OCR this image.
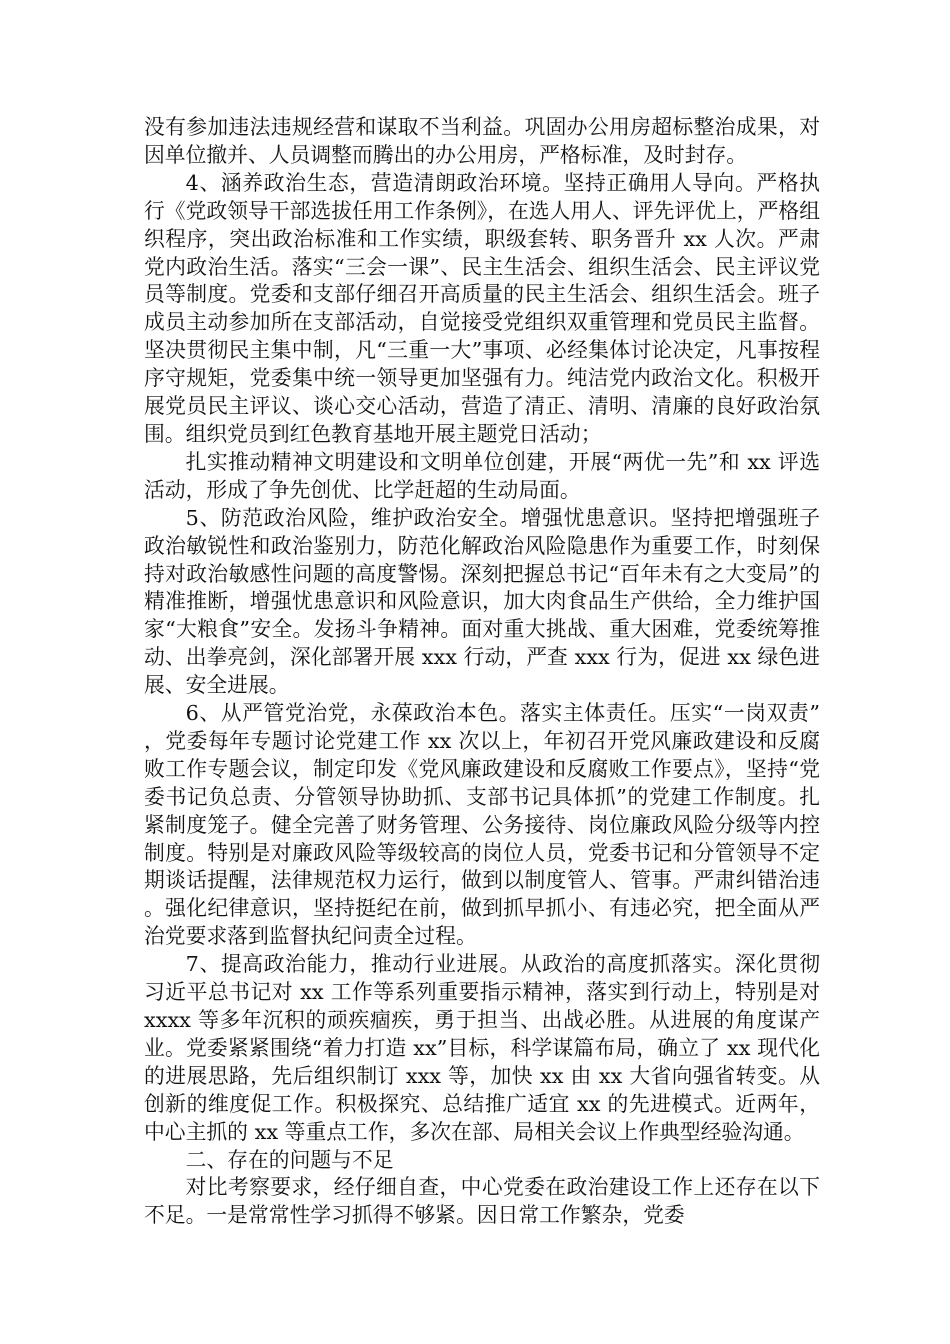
没有参加违法违规经营和谋取不当利益。巩固办公用房超标整治成果，对因单位撤并、人员调整而腾出的办公用房，严格标准，及时封存。

4、涵养政治生态，营造清朗政治环境。坚持正确用人导向。严格执行《党政领导干部选拔任用工作条例》，在选人用人、评先评优上，严格组织程序，突出政治标准和工作实绩，职级套转、职务晋升 xx 人次。严肃党内政治生活。落实“三会一课”、民主生活会、组织生活会、民主评议党员等制度。党委和支部仔细召开高质量的民主生活会、组织生活会。班子成员主动参加所在支部活动，自觉接受党组织双重管理和党员民主监督。坚决贯彻民主集中制，凡“三重一大”事项、必经集体讨论决定，凡事按程序守规矩，党委集中统一领导更加坚强有力。纯洁党内政治文化。积极开展党员民主评议、谈心交心活动，营造了清正、清明、清廉的良好政治氛围。组织党员到红色教育基地开展主题党日活动；

扎实推动精神文明建设和文明单位创建，开展“两优一先”和 xx 评选活动，形成了争先创优、比学赶超的生动局面。

5、防范政治风险，维护政治安全。增强忧患意识。坚持把增强班子政治敏锐性和政治鉴别力，防范化解政治风险隐患作为重要工作，时刻保持对政治敏感性问题的高度警惕。深刻把握总书记“百年未有之大变局”的精准推断，增强忧患意识和风险意识，加大肉食品生产供给，全力维护国家“大粮食”安全。发扬斗争精神。面对重大挑战、重大困难，党委统筹推动、出拳亮剑，深化部署开展 xxx 行动，严查 xxx 行为，促进 xx 绿色进展、安全进展。

6、从严管党治党，永葆政治本色。落实主体责任。压实“一岗双责”，党委每年专题讨论党建工作 xx 次以上，年初召开党风廉政建设和反腐败工作专题会议，制定印发《党风廉政建设和反腐败工作要点》，坚持“党委书记负总责、分管领导协助抓、支部书记具体抓”的党建工作制度。扎紧制度笼子。健全完善了财务管理、公务接待、岗位廉政风险分级等内控制度。特别是对廉政风险等级较高的岗位人员，党委书记和分管领导不定期谈话提醒，法律规范权力运行，做到以制度管人、管事。严肃纠错治违。强化纪律意识，坚持挺纪在前，做到抓早抓小、有违必究，把全面从严治党要求落到监督执纪问责全过程。

7、提高政治能力，推动行业进展。从政治的高度抓落实。深化贯彻习近平总书记对 xx 工作等系列重要指示精神，落实到行动上，特别是对 xxxx 等多年沉积的顽疾痼疾，勇于担当、出战必胜。从进展的角度谋产业。党委紧紧围绕“着力打造 xx”目标，科学谋篇布局，确立了 xx 现代化的进展思路，先后组织制订 xxx 等，加快 xx 由 xx 大省向强省转变。从创新的维度促工作。积极探究、总结推广适宜 xx 的先进模式。近两年，中心主抓的 xx 等重点工作，多次在部、局相关会议上作典型经验沟通。

二、存在的问题与不足

对比考察要求，经仔细自查，中心党委在政治建设工作上还存在以下不足。一是常常性学习抓得不够紧。因日常工作繁杂，党委
